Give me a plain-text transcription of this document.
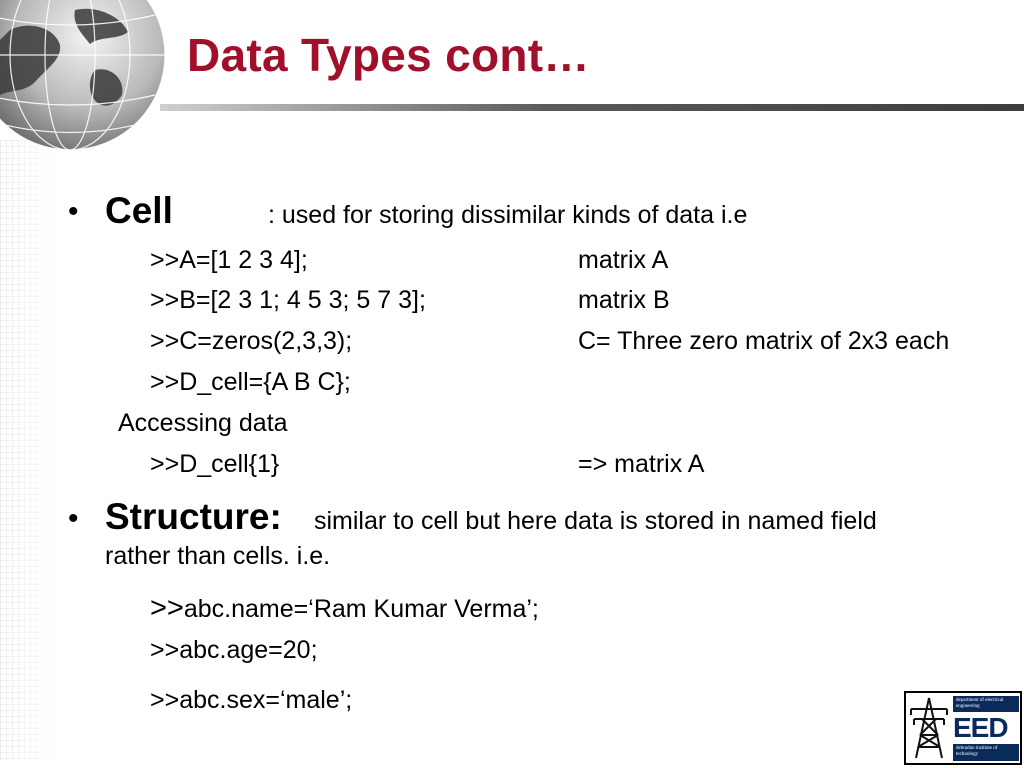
Data Types cont…
• Cell	: used for storing dissimilar kinds of data i.e
>>A=[1 2 3 4];	matrix A
>>B=[2 3 1; 4 5 3; 5 7 3];	matrix B
>>C=zeros(2,3,3);	C= Three zero matrix of 2x3 each
>>D_cell={A B C};
Accessing data
>>D_cell{1}	=> matrix A
• Structure: similar to cell but here data is stored in named field
rather than cells. i.e.
>>abc.name=‘Ram Kumar Verma’;
>>abc.age=20;
>>abc.sex=‘male’;	department of electrical engineering
EED
dehradun institute of technology
